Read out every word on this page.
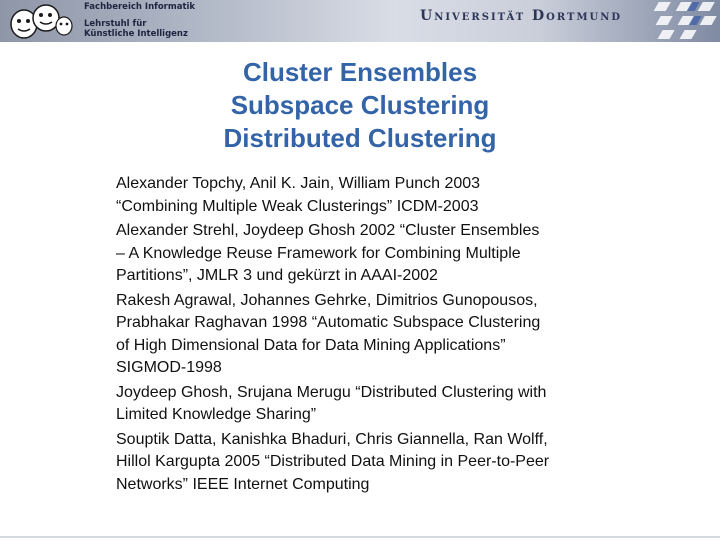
Fachbereich Informatik
Lehrstuhl für
Künstliche Intelligenz
Universität Dortmund
Cluster Ensembles
Subspace Clustering
Distributed Clustering
Alexander Topchy, Anil K. Jain, William Punch 2003
“Combining Multiple Weak Clusterings” ICDM-2003
Alexander Strehl, Joydeep Ghosh 2002 “Cluster Ensembles
– A Knowledge Reuse Framework for Combining Multiple
Partitions”, JMLR 3 und gekürzt in AAAI-2002
Rakesh Agrawal, Johannes Gehrke, Dimitrios Gunopousos,
Prabhakar Raghavan 1998 “Automatic Subspace Clustering
of High Dimensional Data for Data Mining Applications”
SIGMOD-1998
Joydeep Ghosh, Srujana Merugu “Distributed Clustering with
Limited Knowledge Sharing”
Souptik Datta, Kanishka Bhaduri, Chris Giannella, Ran Wolff,
Hillol Kargupta 2005 “Distributed Data Mining in Peer-to-Peer
Networks” IEEE Internet Computing
